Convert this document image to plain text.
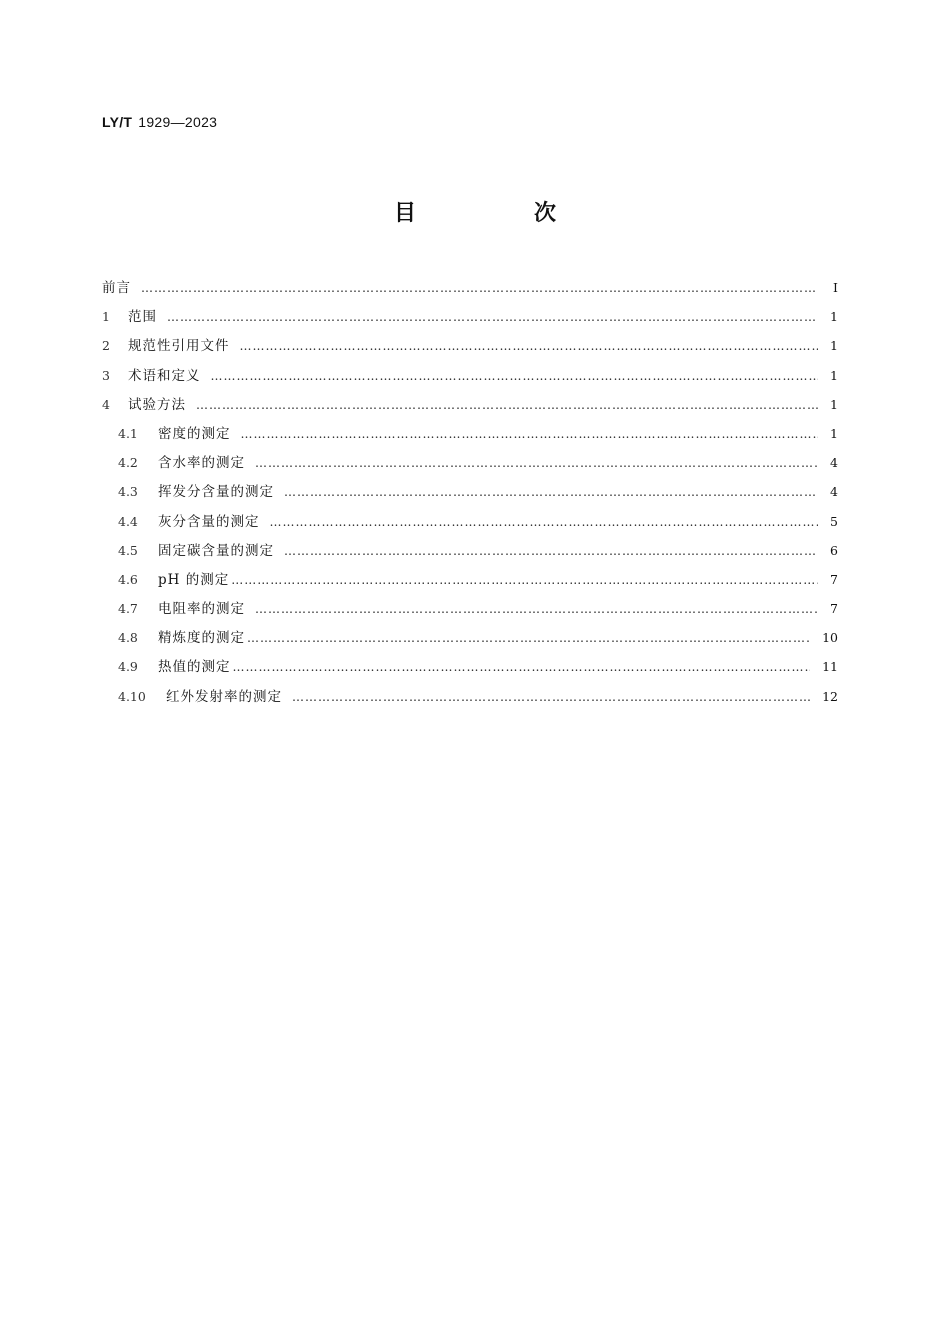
LY/T 1929—2023
目　次
前言 ……………………………………………………………………………………………………………………………………………………………………………………………………	Ⅰ
1	范围 ……………………………………………………………………………………………………………………………………………………………………………………………………	1
2	规范性引用文件 ……………………………………………………………………………………………………………………………………………………………………………………………………	1
3	术语和定义 ……………………………………………………………………………………………………………………………………………………………………………………………………	1
4	试验方法 ……………………………………………………………………………………………………………………………………………………………………………………………………	1
4.1	密度的测定 ……………………………………………………………………………………………………………………………………………………………………………………………………	1
4.2	含水率的测定 ……………………………………………………………………………………………………………………………………………………………………………………………………	4
4.3	挥发分含量的测定 ……………………………………………………………………………………………………………………………………………………………………………………………………	4
4.4	灰分含量的测定 ……………………………………………………………………………………………………………………………………………………………………………………………………	5
4.5	固定碳含量的测定 ……………………………………………………………………………………………………………………………………………………………………………………………………	6
4.6	pH 的测定 ……………………………………………………………………………………………………………………………………………………………………………………………………	7
4.7	电阻率的测定 ……………………………………………………………………………………………………………………………………………………………………………………………………	7
4.8	精炼度的测定 ……………………………………………………………………………………………………………………………………………………………………………………………………	10
4.9	热值的测定 ……………………………………………………………………………………………………………………………………………………………………………………………………	11
4.10	红外发射率的测定 ……………………………………………………………………………………………………………………………………………………………………………………………………	12
